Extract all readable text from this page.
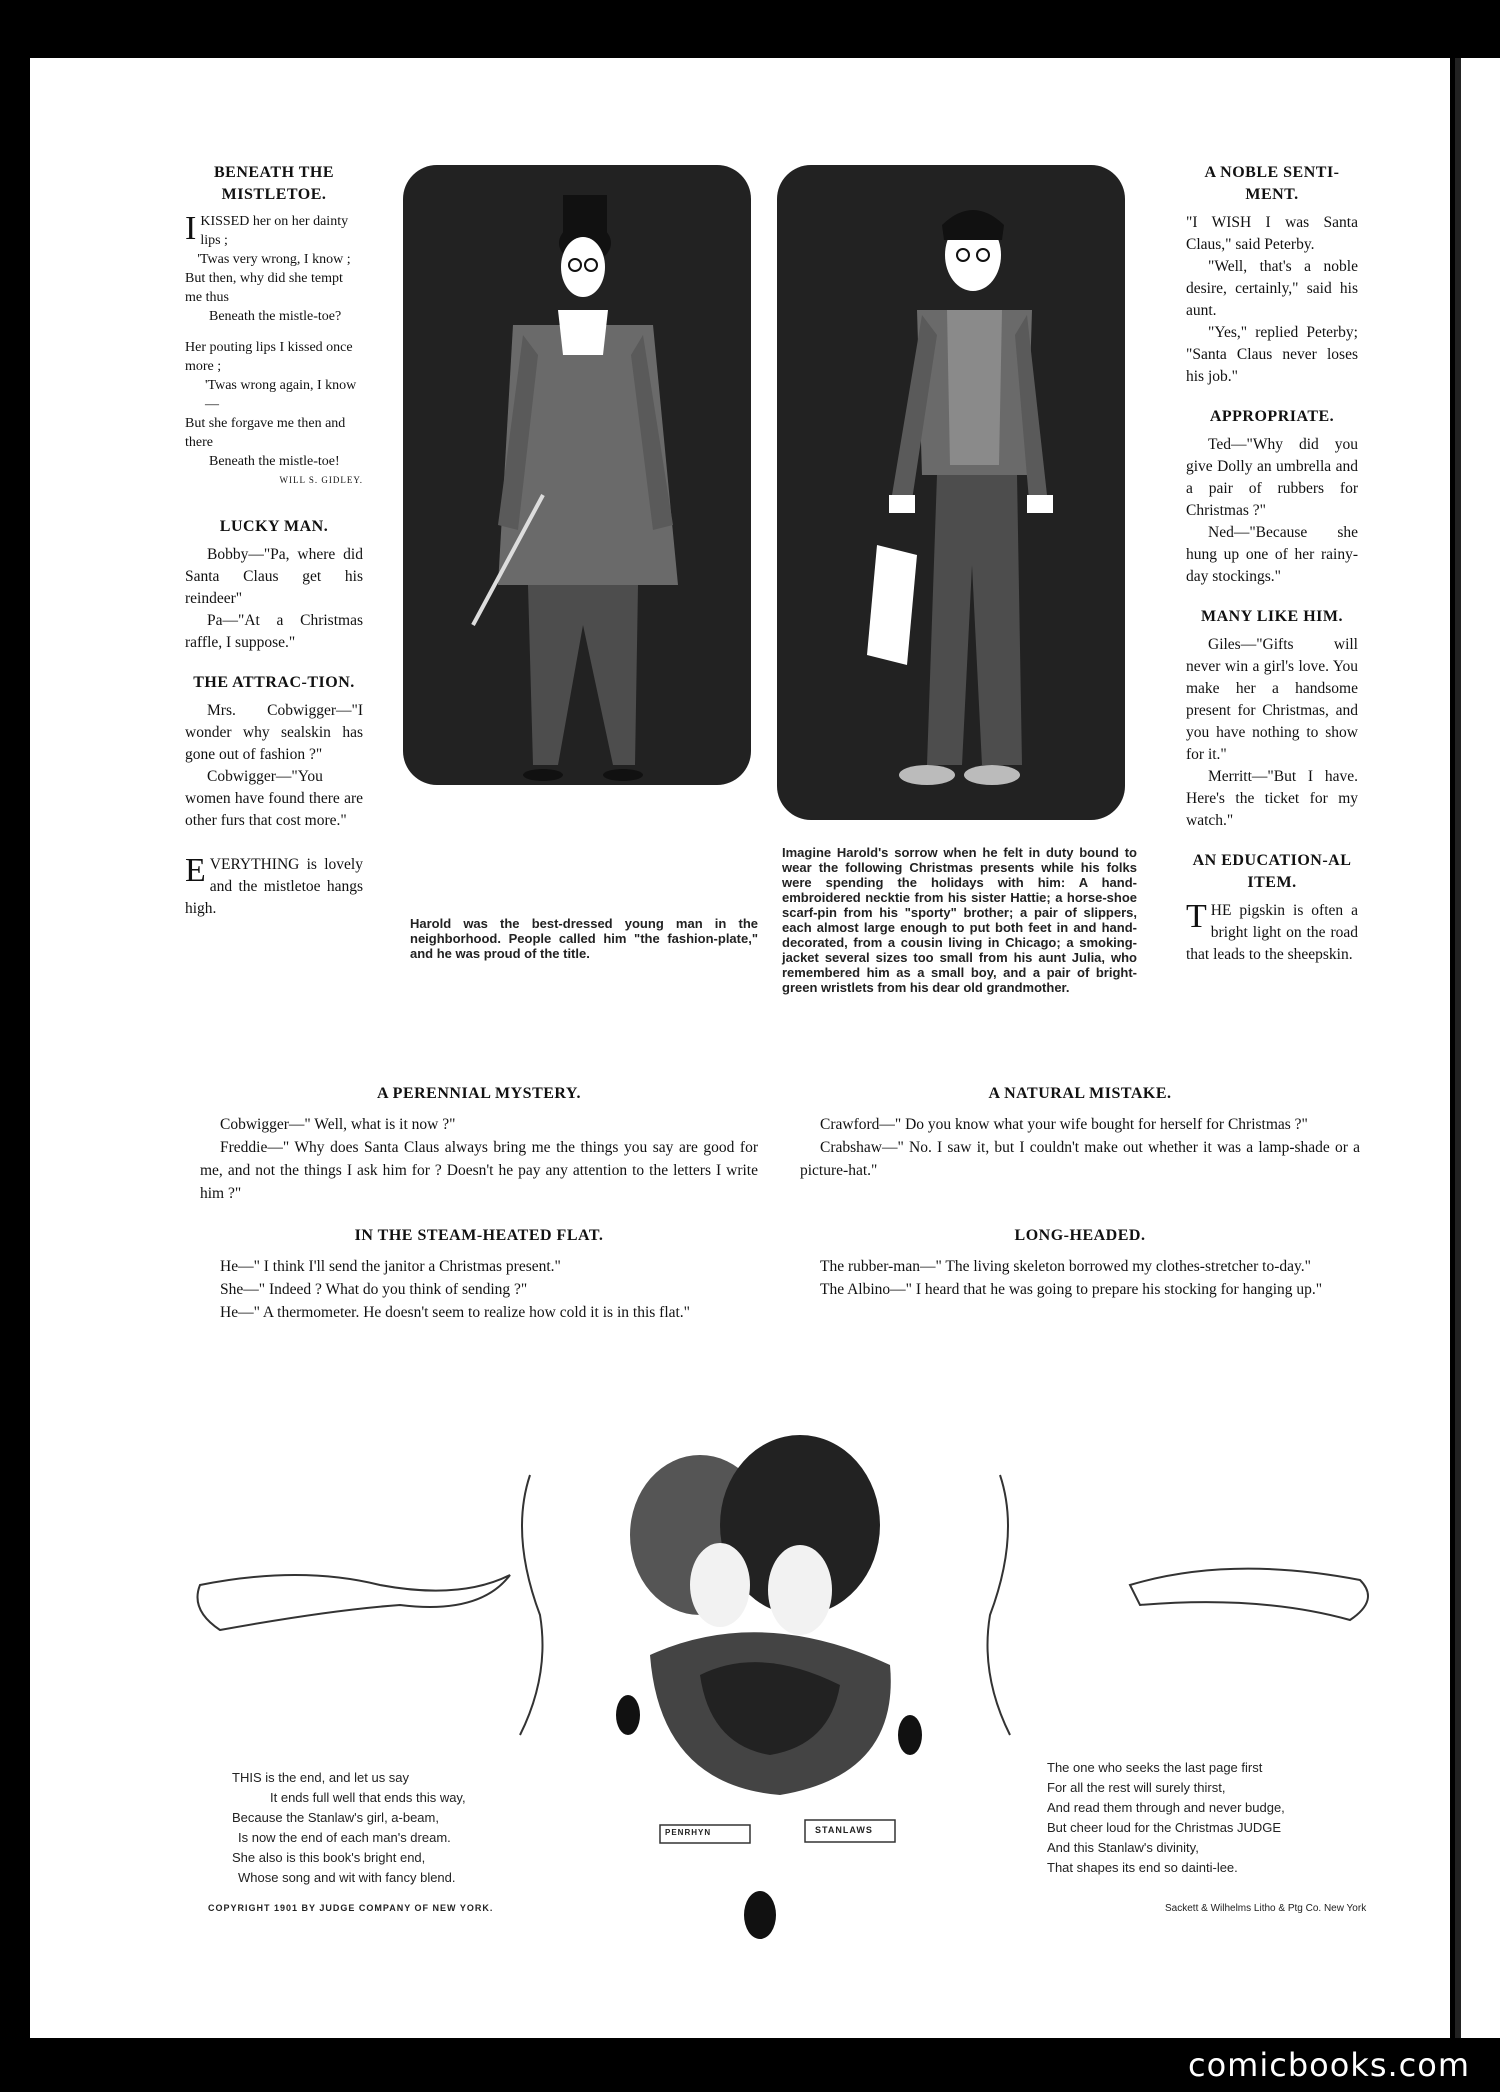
BENEATH THE MISTLETOE.
I KISSED her on her dainty lips ;

'Twas very wrong, I know ;

But then, why did she tempt me thus

Beneath the mistle-toe?

Her pouting lips I kissed once more ;

'Twas wrong again, I know—

But she forgave me then and there

Beneath the mistle-toe!

WILL S. GIDLEY.

LUCKY MAN.

Bobby—"Pa, where did Santa Claus get his reindeer"

Pa—"At a Christmas raffle, I suppose."

THE ATTRAC-TION.

Mrs. Cobwigger—"I wonder why sealskin has gone out of fashion ?"

Cobwigger—"You women have found there are other furs that cost more."

E VERYTHING is lovely and the mistletoe hangs high.
Harold was the best-dressed young man in the neighborhood. People called him "the fashion-plate," and he was proud of the title.
Imagine Harold's sorrow when he felt in duty bound to wear the following Christmas presents while his folks were spending the holidays with him: A hand-embroidered necktie from his sister Hattie; a horse-shoe scarf-pin from his "sporty" brother; a pair of slippers, each almost large enough to put both feet in and hand-decorated, from a cousin living in Chicago; a smoking-jacket several sizes too small from his aunt Julia, who remembered him as a small boy, and a pair of bright-green wristlets from his dear old grandmother.
A NOBLE SENTI-MENT.

"I WISH I was Santa Claus," said Peterby.

"Well, that's a noble desire, certainly," said his aunt.

"Yes," replied Peterby; "Santa Claus never loses his job."

APPROPRIATE.

Ted—"Why did you give Dolly an umbrella and a pair of rubbers for Christmas ?"

Ned—"Because she hung up one of her rainy-day stockings."

MANY LIKE HIM.

Giles—"Gifts will never win a girl's love. You make her a handsome present for Christmas, and you have nothing to show for it."

Merritt—"But I have. Here's the ticket for my watch."

AN EDUCATION-AL ITEM.
T HE pigskin is often a bright light on the road that leads to the sheepskin.
A PERENNIAL MYSTERY.

Cobwigger—" Well, what is it now ?"

Freddie—" Why does Santa Claus always bring me the things you say are good for me, and not the things I ask him for ? Doesn't he pay any attention to the letters I write him ?"

IN THE STEAM-HEATED FLAT.

He—" I think I'll send the janitor a Christmas present."

She—" Indeed ? What do you think of sending ?"

He—" A thermometer. He doesn't seem to realize how cold it is in this flat."

A NATURAL MISTAKE.

Crawford—" Do you know what your wife bought for herself for Christmas ?"

Crabshaw—" No. I saw it, but I couldn't make out whether it was a lamp-shade or a picture-hat."

LONG-HEADED.

The rubber-man—" The living skeleton borrowed my clothes-stretcher to-day."

The Albino—" I heard that he was going to prepare his stocking for hanging up."

PENRHYN	STANLAWS

THIS is the end, and let us say

It ends full well that ends this way,

Because the Stanlaw's girl, a-beam,

Is now the end of each man's dream.

She also is this book's bright end,

Whose song and wit with fancy blend.

The one who seeks the last page first

For all the rest will surely thirst,

And read them through and never budge,

But cheer loud for the Christmas JUDGE

And this Stanlaw's divinity,

That shapes its end so dainti-lee.

COPYRIGHT 1901 BY JUDGE COMPANY OF NEW YORK.	Sackett & Wilhelms Litho & Ptg Co. New York
comicbooks.com
